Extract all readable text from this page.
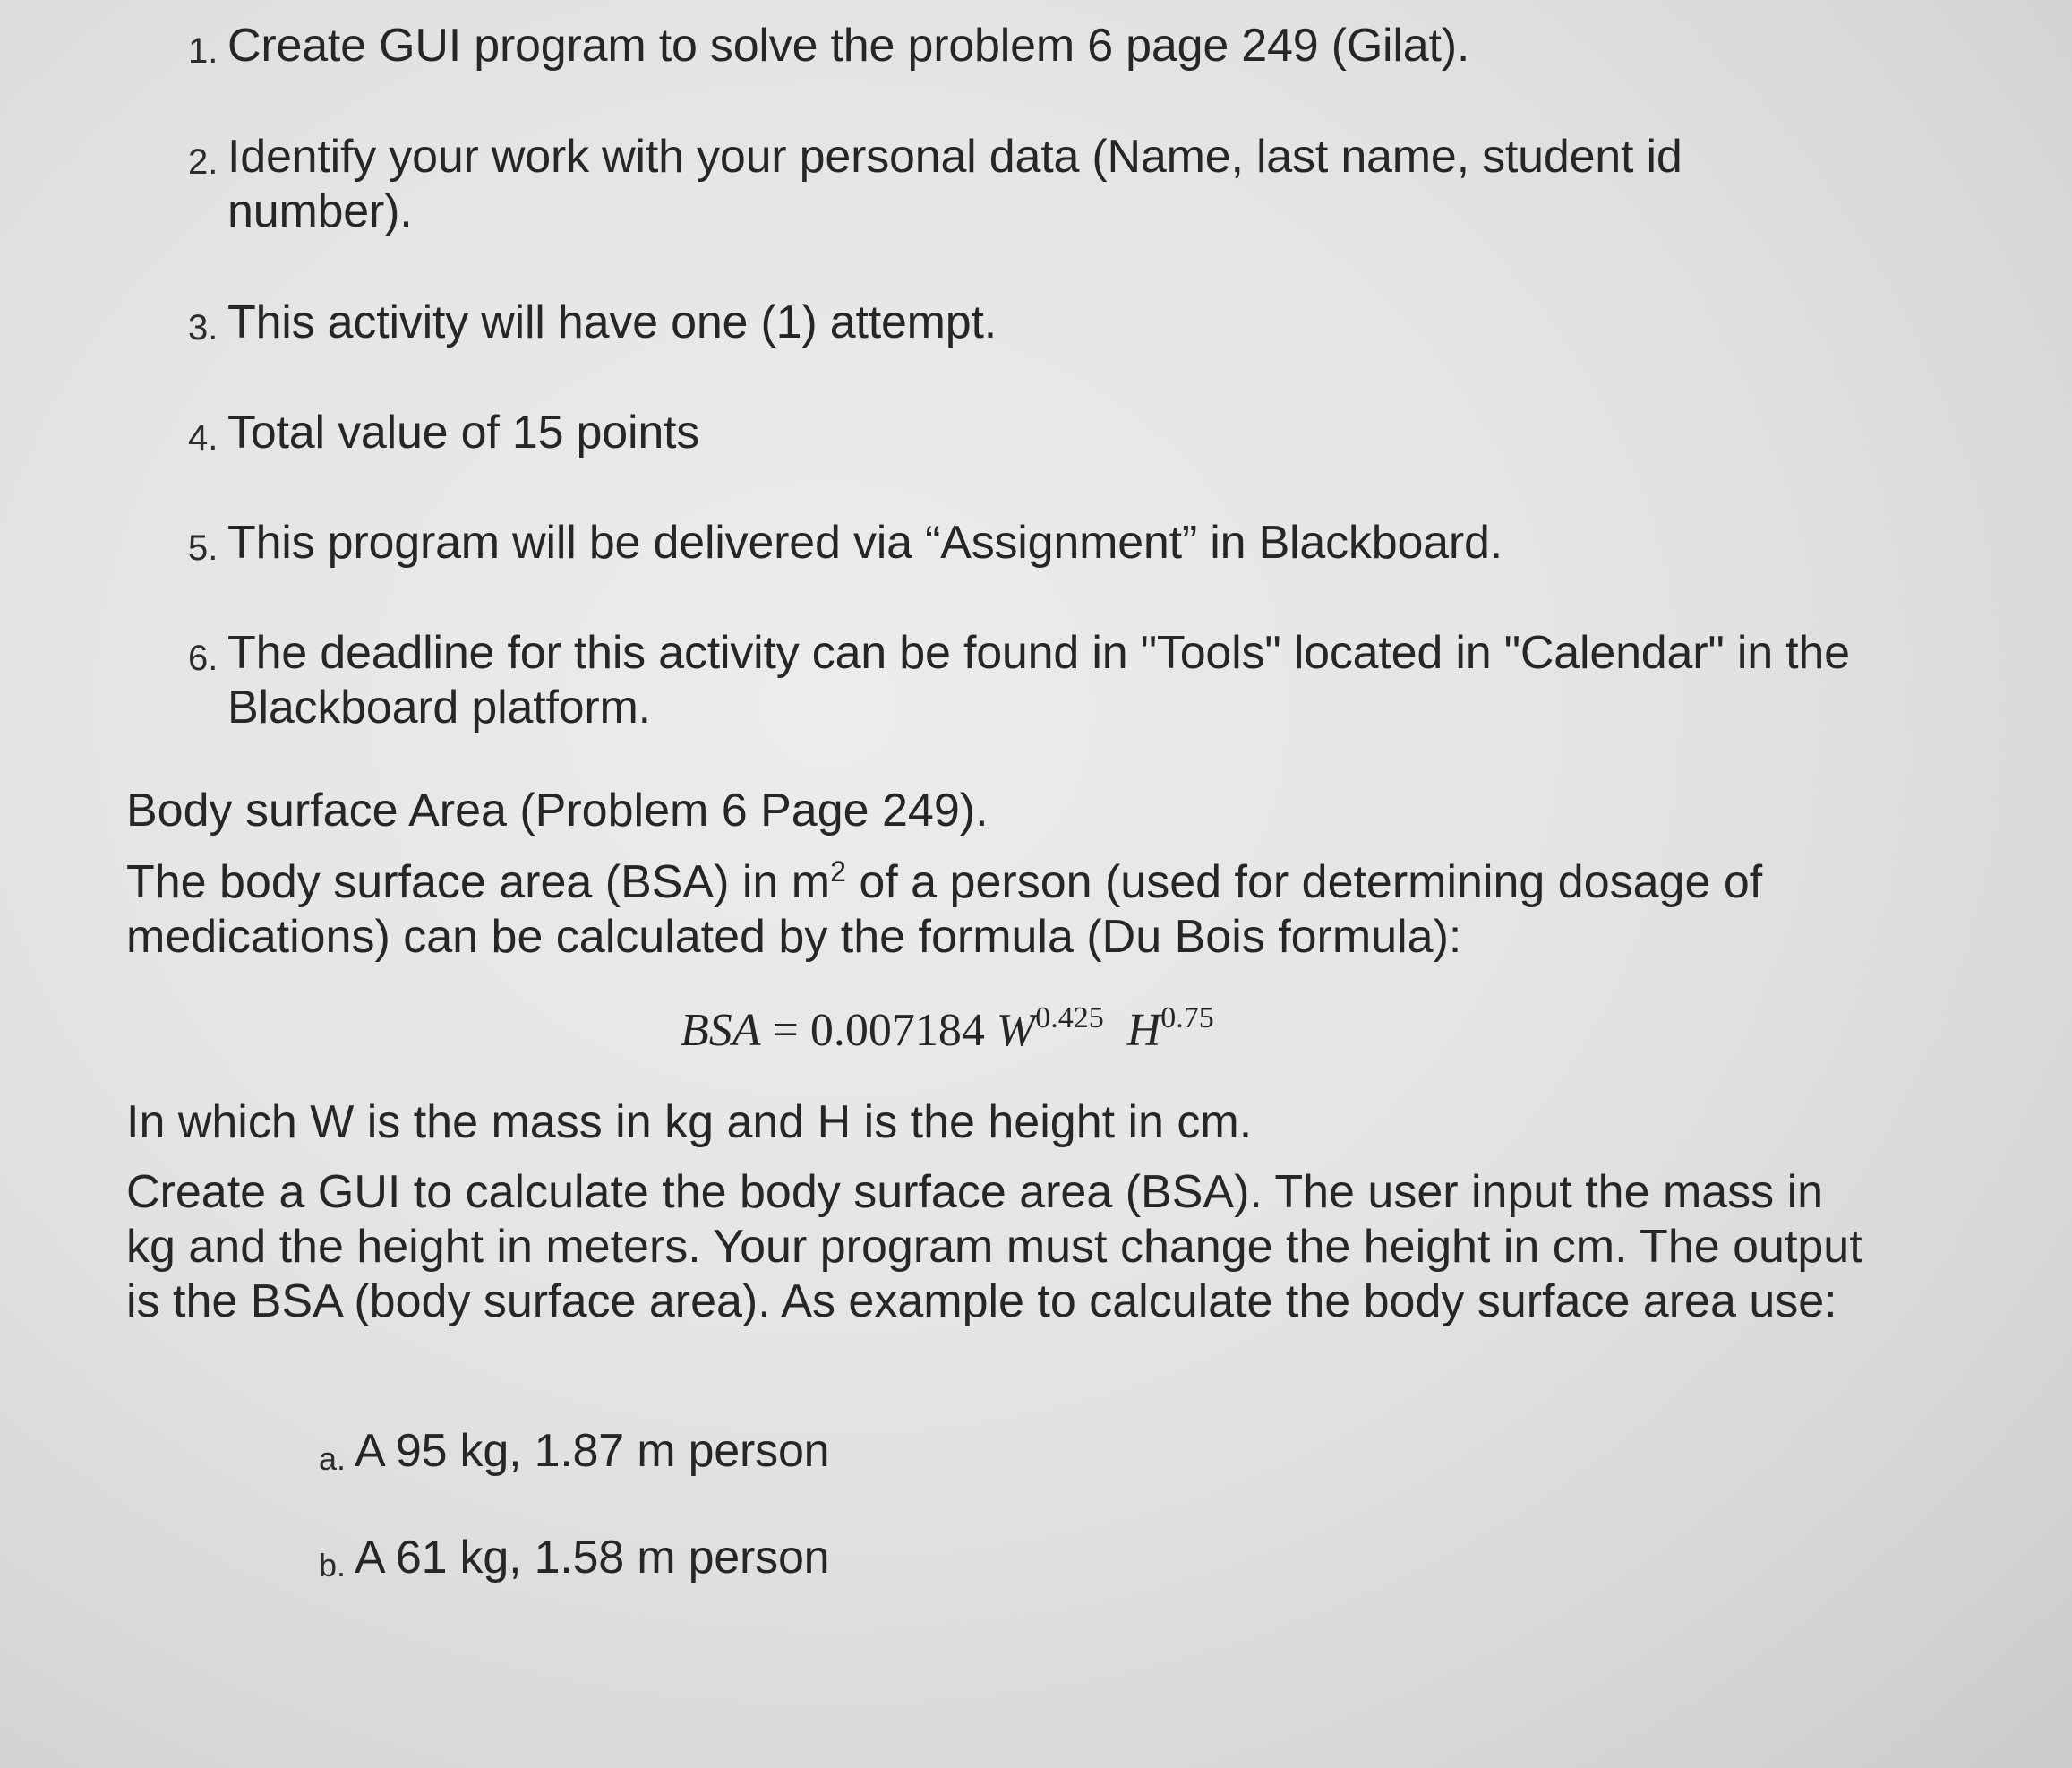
1. Create GUI program to solve the problem 6 page 249 (Gilat).
2. Identify your work with your personal data (Name, last name, student id number).
3. This activity will have one (1) attempt.
4. Total value of 15 points
5. This program will be delivered via “Assignment” in Blackboard.
6. The deadline for this activity can be found in "Tools" located in "Calendar" in the Blackboard platform.
Body surface Area (Problem 6 Page 249).
The body surface area (BSA) in $m^2$ of a person (used for determining dosage of medications) can be calculated by the formula (Du Bois formula):
BSA = 0.007184 $W^{0.425}$ $H^{0.75}$
In which W is the mass in kg and H is the height in cm.
Create a GUI to calculate the body surface area (BSA). The user input the mass in kg and the height in meters. Your program must change the height in cm. The output is the BSA (body surface area). As example to calculate the body surface area use:
a. A 95 kg, 1.87 m person
b. A 61 kg, 1.58 m person
